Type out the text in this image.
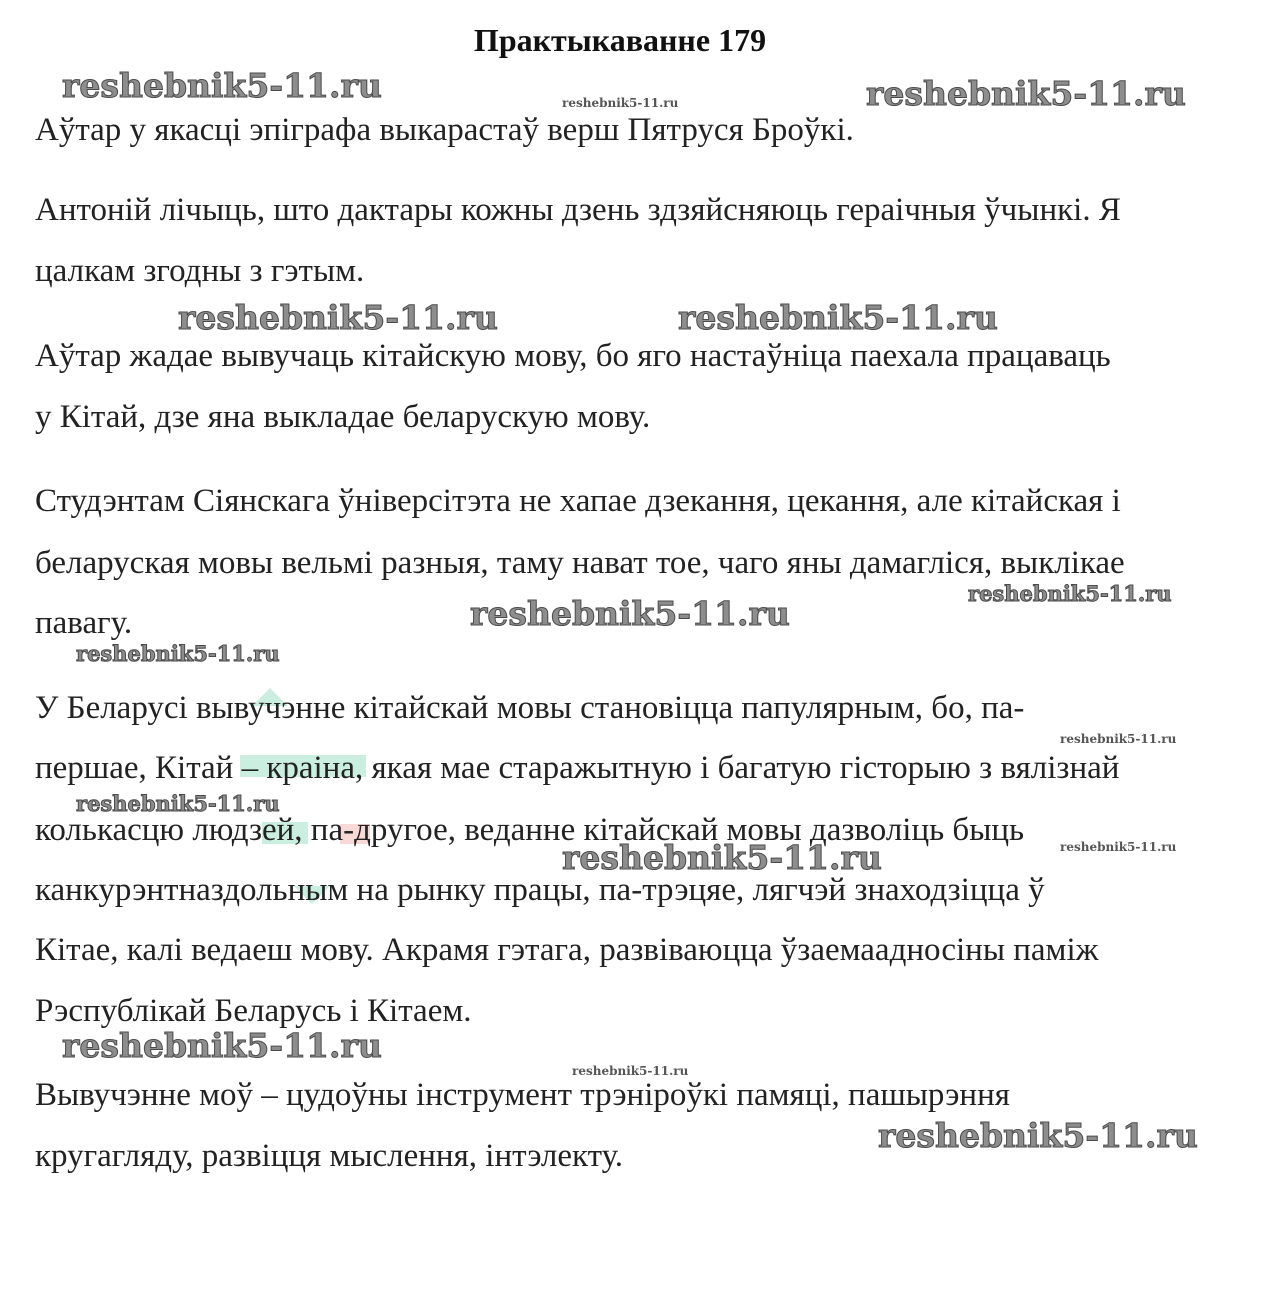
Практыкаванне 179
Аўтар у якасці эпіграфа выкарастаў верш Пятруся Броўкі.
Антоній лічыць, што дактары кожны дзень здзяйсняюць гераічныя ўчынкі. Я
цалкам згодны з гэтым.
Аўтар жадае вывучаць кітайскую мову, бо яго настаўніца паехала працаваць
у Кітай, дзе яна выкладае беларускую мову.
Студэнтам Сіянскага ўніверсітэта не хапае дзекання, цекання, але кітайская і
беларуская мовы вельмі разныя, таму нават тое, чаго яны дамагліся, выклікае
павагу.
У Беларусі вывучэнне кітайскай мовы становіцца папулярным, бо, па-
першае, Кітай – краіна, якая мае старажытную і багатую гісторыю з вялізнай
колькасцю людзей, па-другое, веданне кітайскай мовы дазволіць быць
канкурэнтназдольным на рынку працы, па-трэцяе, лягчэй знаходзіцца ў
Кітае, калі ведаеш мову. Акрамя гэтага, развіваюцца ўзаемаадносіны паміж
Рэспублікай Беларусь і Кітаем.
Вывучэнне моў – цудоўны інструмент трэніроўкі памяці, пашырэння
кругагляду, развіцця мыслення, інтэлекту.
reshebnik5-11.ru	reshebnik5-11.ru	reshebnik5-11.ru
reshebnik5-11.ru	reshebnik5-11.ru
reshebnik5-11.ru
reshebnik5-11.ru
reshebnik5-11.ru
reshebnik5-11.ru
reshebnik5-11.ru
reshebnik5-11.ru
reshebnik5-11.ru
reshebnik5-11.ru
reshebnik5-11.ru
reshebnik5-11.ru
